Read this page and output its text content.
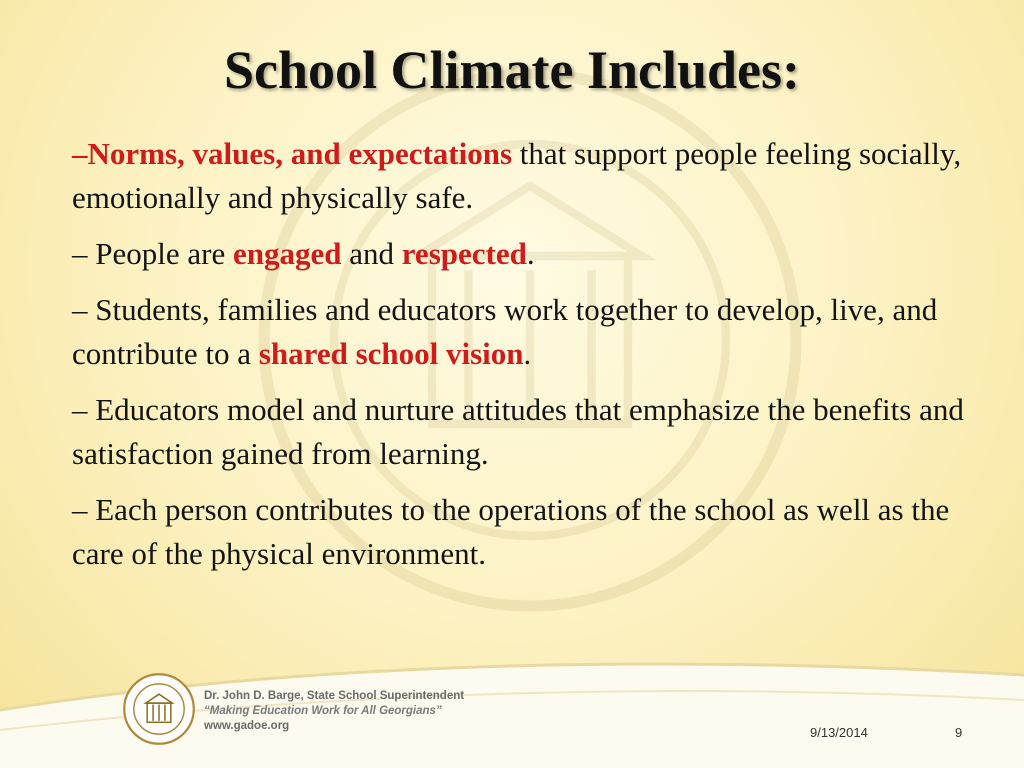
School Climate Includes:

–Norms, values, and expectations that support people feeling socially, emotionally and physically safe.

– People are engaged and respected.

– Students, families and educators work together to develop, live, and contribute to a shared school vision.

– Educators model and nurture attitudes that emphasize the benefits and satisfaction gained from learning.

– Each person contributes to the operations of the school as well as the care of the physical environment.

Dr. John D. Barge, State School Superintendent
“Making Education Work for All Georgians”
www.gadoe.org	9/13/2014	9
